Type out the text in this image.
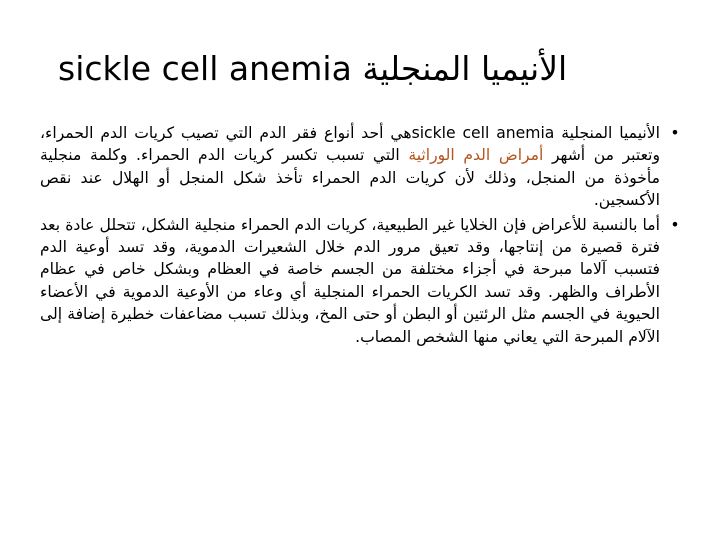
sickle cell anemia الأنيميا المنجلية
•
الأنيميا المنجلية sickle cell anemiaهي أحد أنواع فقر الدم التي تصيب كريات الدم الحمراء، وتعتبر من أشهر أمراض الدم الوراثية التي تسبب تكسر كريات الدم الحمراء. وكلمة منجلية مأخوذة من المنجل، وذلك لأن كريات الدم الحمراء تأخذ شكل المنجل أو الهلال عند نقص الأكسجين.
•
أما بالنسبة للأعراض فإن الخلايا غير الطبيعية، كريات الدم الحمراء منجلية الشكل، تتحلل عادة بعد فترة قصيرة من إنتاجها، وقد تعيق مرور الدم خلال الشعيرات الدموية، وقد تسد أوعية الدم فتسبب آلاما مبرحة في أجزاء مختلفة من الجسم خاصة في العظام وبشكل خاص في عظام الأطراف والظهر. وقد تسد الكريات الحمراء المنجلية أي وعاء من الأوعية الدموية في الأعضاء الحيوية في الجسم مثل الرئتين أو البطن أو حتى المخ، وبذلك تسبب مضاعفات خطيرة إضافة إلى الآلام المبرحة التي يعاني منها الشخص المصاب.
